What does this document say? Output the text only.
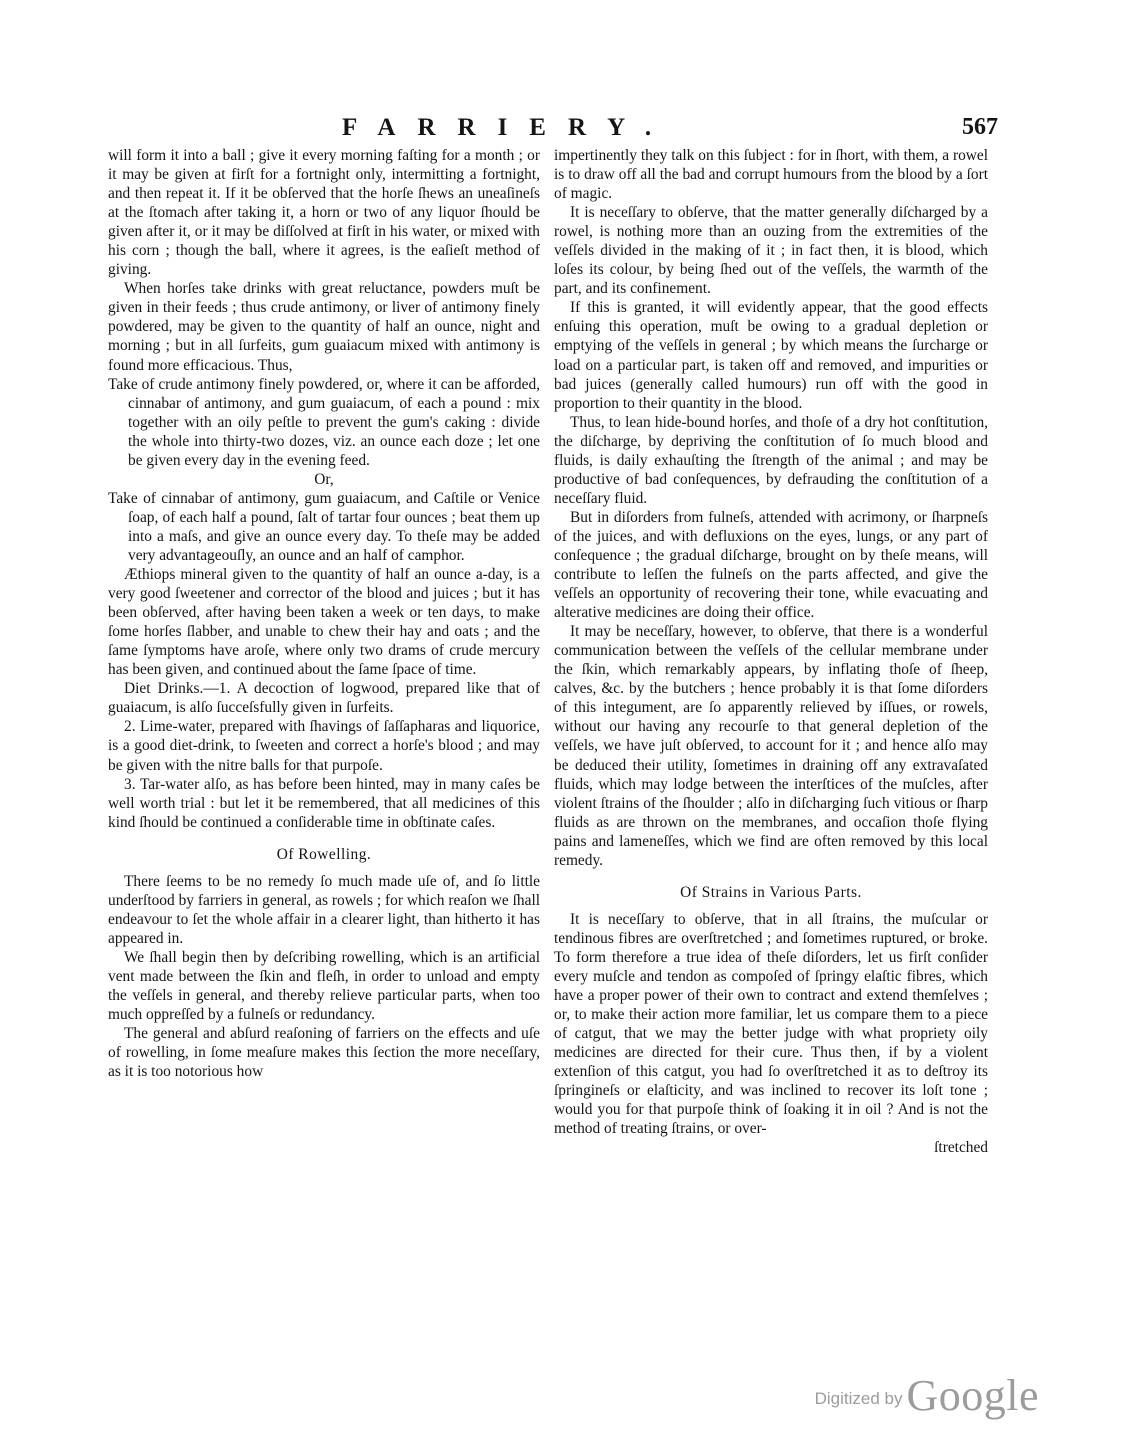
FARRIERY.	567

will form it into a ball ; give it every morning faſting for a month ; or it may be given at firſt for a fortnight only, intermitting a fortnight, and then repeat it. If it be obſerved that the horſe ſhews an uneaſineſs at the ſtomach after taking it, a horn or two of any liquor ſhould be given after it, or it may be diſſolved at firſt in his water, or mixed with his corn ; though the ball, where it agrees, is the eaſieſt method of giving.

When horſes take drinks with great reluctance, powders muſt be given in their feeds ; thus crude antimony, or liver of antimony finely powdered, may be given to the quantity of half an ounce, night and morning ; but in all ſurfeits, gum guaiacum mixed with antimony is found more efficacious. Thus,

Take of crude antimony finely powdered, or, where it can be afforded, cinnabar of antimony, and gum guaiacum, of each a pound : mix together with an oily peſtle to prevent the gum's caking : divide the whole into thirty-two dozes, viz. an ounce each doze ; let one be given every day in the evening feed.

Or,

Take of cinnabar of antimony, gum guaiacum, and Caſtile or Venice ſoap, of each half a pound, ſalt of tartar four ounces ; beat them up into a maſs, and give an ounce every day. To theſe may be added very advantageouſly, an ounce and an half of camphor.

Æthiops mineral given to the quantity of half an ounce a-day, is a very good ſweetener and corrector of the blood and juices ; but it has been obſerved, after having been taken a week or ten days, to make ſome horſes ſlabber, and unable to chew their hay and oats ; and the ſame ſymptoms have aroſe, where only two drams of crude mercury has been given, and continued about the ſame ſpace of time.

Diet Drinks.—1. A decoction of logwood, prepared like that of guaiacum, is alſo ſucceſsfully given in ſurfeits.

2. Lime-water, prepared with ſhavings of ſaſſapharas and liquorice, is a good diet-drink, to ſweeten and correct a horſe's blood ; and may be given with the nitre balls for that purpoſe.

3. Tar-water alſo, as has before been hinted, may in many caſes be well worth trial : but let it be remembered, that all medicines of this kind ſhould be continued a conſiderable time in obſtinate caſes.

Of Rowelling.

There ſeems to be no remedy ſo much made uſe of, and ſo little underſtood by farriers in general, as rowels ; for which reaſon we ſhall endeavour to ſet the whole affair in a clearer light, than hitherto it has appeared in.

We ſhall begin then by deſcribing rowelling, which is an artificial vent made between the ſkin and fleſh, in order to unload and empty the veſſels in general, and thereby relieve particular parts, when too much oppreſſed by a fulneſs or redundancy.

The general and abſurd reaſoning of farriers on the effects and uſe of rowelling, in ſome meaſure makes this ſection the more neceſſary, as it is too notorious how

impertinently they talk on this ſubject : for in ſhort, with them, a rowel is to draw off all the bad and corrupt humours from the blood by a ſort of magic.

It is neceſſary to obſerve, that the matter generally diſcharged by a rowel, is nothing more than an ouzing from the extremities of the veſſels divided in the making of it ; in fact then, it is blood, which loſes its colour, by being ſhed out of the veſſels, the warmth of the part, and its confinement.

If this is granted, it will evidently appear, that the good effects enſuing this operation, muſt be owing to a gradual depletion or emptying of the veſſels in general ; by which means the ſurcharge or load on a particular part, is taken off and removed, and impurities or bad juices (generally called humours) run off with the good in proportion to their quantity in the blood.

Thus, to lean hide-bound horſes, and thoſe of a dry hot conſtitution, the diſcharge, by depriving the conſtitution of ſo much blood and fluids, is daily exhauſting the ſtrength of the animal ; and may be productive of bad conſequences, by defrauding the conſtitution of a neceſſary fluid.

But in diſorders from fulneſs, attended with acrimony, or ſharpneſs of the juices, and with defluxions on the eyes, lungs, or any part of conſequence ; the gradual diſcharge, brought on by theſe means, will contribute to leſſen the fulneſs on the parts affected, and give the veſſels an opportunity of recovering their tone, while evacuating and alterative medicines are doing their office.

It may be neceſſary, however, to obſerve, that there is a wonderful communication between the veſſels of the cellular membrane under the ſkin, which remarkably appears, by inflating thoſe of ſheep, calves, &c. by the butchers ; hence probably it is that ſome diſorders of this integument, are ſo apparently relieved by iſſues, or rowels, without our having any recourſe to that general depletion of the veſſels, we have juſt obſerved, to account for it ; and hence alſo may be deduced their utility, ſometimes in draining off any extravaſated fluids, which may lodge between the interſtices of the muſcles, after violent ſtrains of the ſhoulder ; alſo in diſcharging ſuch vitious or ſharp fluids as are thrown on the membranes, and occaſion thoſe flying pains and lameneſſes, which we find are often removed by this local remedy.

Of Strains in Various Parts.

It is neceſſary to obſerve, that in all ſtrains, the muſcular or tendinous fibres are overſtretched ; and ſometimes ruptured, or broke. To form therefore a true idea of theſe diſorders, let us firſt conſider every muſcle and tendon as compoſed of ſpringy elaſtic fibres, which have a proper power of their own to contract and extend themſelves ; or, to make their action more familiar, let us compare them to a piece of catgut, that we may the better judge with what propriety oily medicines are directed for their cure. Thus then, if by a violent extenſion of this catgut, you had ſo overſtretched it as to deſtroy its ſpringineſs or elaſticity, and was inclined to recover its loſt tone ; would you for that purpoſe think of ſoaking it in oil ? And is not the method of treating ſtrains, or over-

ſtretched

Digitized byGoogle
